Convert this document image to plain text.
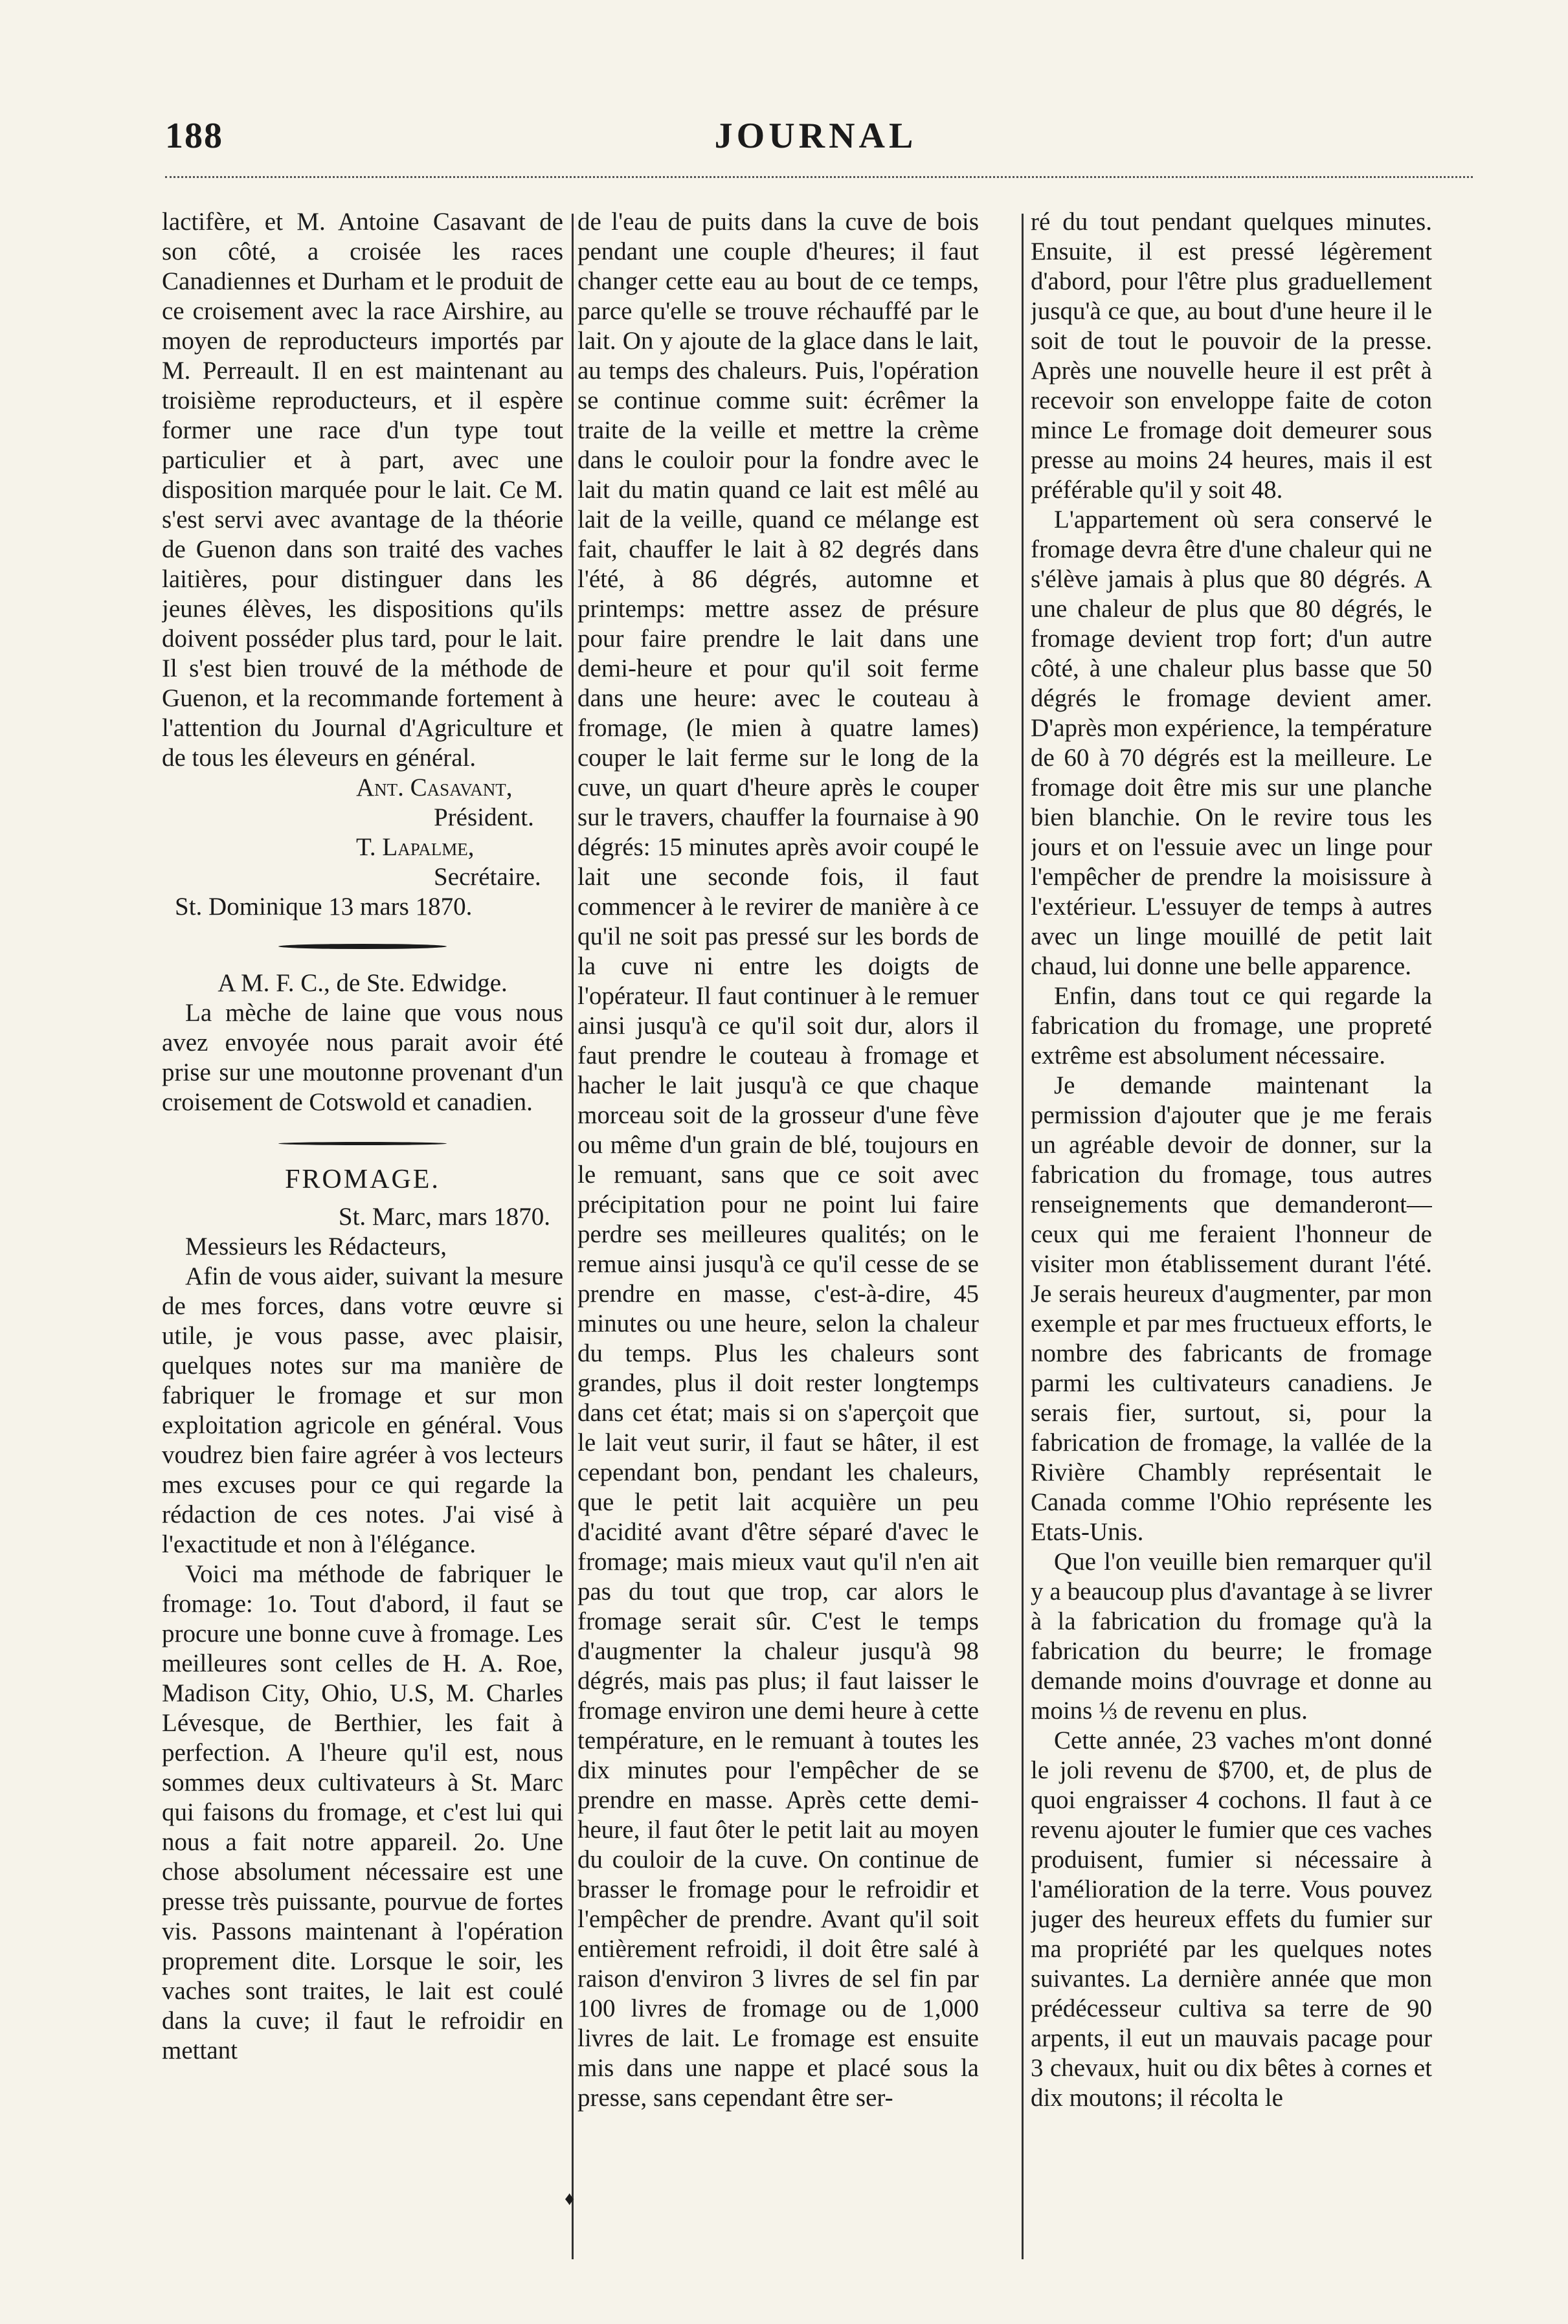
188	JOURNAL

lactifère, et M. Antoine Casavant de son côté, a croisée les races Canadiennes et Durham et le produit de ce croisement avec la race Airshire, au moyen de reproducteurs importés par M. Perreault. Il en est maintenant au troisième reproducteurs, et il espère former une race d'un type tout particulier et à part, avec une disposition marquée pour le lait. Ce M. s'est servi avec avantage de la théorie de Guenon dans son traité des vaches laitières, pour distinguer dans les jeunes élèves, les dispositions qu'ils doivent posséder plus tard, pour le lait. Il s'est bien trouvé de la méthode de Guenon, et la recommande fortement à l'attention du Journal d'Agriculture et de tous les éleveurs en général.

Ant. Casavant,
Président.
T. Lapalme,
Secrétaire.
St. Dominique 13 mars 1870.

A M. F. C., de Ste. Edwidge.

La mèche de laine que vous nous avez envoyée nous parait avoir été prise sur une moutonne provenant d'un croisement de Cotswold et canadien.

FROMAGE.

St. Marc, mars 1870.

Messieurs les Rédacteurs,

Afin de vous aider, suivant la mesure de mes forces, dans votre œuvre si utile, je vous passe, avec plaisir, quelques notes sur ma manière de fabriquer le fromage et sur mon exploitation agricole en général. Vous voudrez bien faire agréer à vos lecteurs mes excuses pour ce qui regarde la rédaction de ces notes. J'ai visé à l'exactitude et non à l'élégance.

Voici ma méthode de fabriquer le fromage: 1o. Tout d'abord, il faut se procure une bonne cuve à fromage. Les meilleures sont celles de H. A. Roe, Madison City, Ohio, U.S, M. Charles Lévesque, de Berthier, les fait à perfection. A l'heure qu'il est, nous sommes deux cultivateurs à St. Marc qui faisons du fromage, et c'est lui qui nous a fait notre appareil. 2o. Une chose absolument nécessaire est une presse très puissante, pourvue de fortes vis. Passons maintenant à l'opération proprement dite. Lorsque le soir, les vaches sont traites, le lait est coulé dans la cuve; il faut le refroidir en mettant

de l'eau de puits dans la cuve de bois pendant une couple d'heures; il faut changer cette eau au bout de ce temps, parce qu'elle se trouve réchauffé par le lait. On y ajoute de la glace dans le lait, au temps des chaleurs. Puis, l'opération se continue comme suit: écrêmer la traite de la veille et mettre la crème dans le couloir pour la fondre avec le lait du matin quand ce lait est mêlé au lait de la veille, quand ce mélange est fait, chauffer le lait à 82 degrés dans l'été, à 86 dégrés, automne et printemps: mettre assez de présure pour faire prendre le lait dans une demi-heure et pour qu'il soit ferme dans une heure: avec le couteau à fromage, (le mien à quatre lames) couper le lait ferme sur le long de la cuve, un quart d'heure après le couper sur le travers, chauffer la fournaise à 90 dégrés: 15 minutes après avoir coupé le lait une seconde fois, il faut commencer à le revirer de manière à ce qu'il ne soit pas pressé sur les bords de la cuve ni entre les doigts de l'opérateur. Il faut continuer à le remuer ainsi jusqu'à ce qu'il soit dur, alors il faut prendre le couteau à fromage et hacher le lait jusqu'à ce que chaque morceau soit de la grosseur d'une fève ou même d'un grain de blé, toujours en le remuant, sans que ce soit avec précipitation pour ne point lui faire perdre ses meilleures qualités; on le remue ainsi jusqu'à ce qu'il cesse de se prendre en masse, c'est-à-dire, 45 minutes ou une heure, selon la chaleur du temps. Plus les chaleurs sont grandes, plus il doit rester longtemps dans cet état; mais si on s'aperçoit que le lait veut surir, il faut se hâter, il est cependant bon, pendant les chaleurs, que le petit lait acquière un peu d'acidité avant d'être séparé d'avec le fromage; mais mieux vaut qu'il n'en ait pas du tout que trop, car alors le fromage serait sûr. C'est le temps d'augmenter la chaleur jusqu'à 98 dégrés, mais pas plus; il faut laisser le fromage environ une demi heure à cette température, en le remuant à toutes les dix minutes pour l'empêcher de se prendre en masse. Après cette demi-heure, il faut ôter le petit lait au moyen du couloir de la cuve. On continue de brasser le fromage pour le refroidir et l'empêcher de prendre. Avant qu'il soit entièrement refroidi, il doit être salé à raison d'environ 3 livres de sel fin par 100 livres de fromage ou de 1,000 livres de lait. Le fromage est ensuite mis dans une nappe et placé sous la presse, sans cependant être ser-

ré du tout pendant quelques minutes. Ensuite, il est pressé légèrement d'abord, pour l'être plus graduellement jusqu'à ce que, au bout d'une heure il le soit de tout le pouvoir de la presse. Après une nouvelle heure il est prêt à recevoir son enveloppe faite de coton mince Le fromage doit demeurer sous presse au moins 24 heures, mais il est préférable qu'il y soit 48.

L'appartement où sera conservé le fromage devra être d'une chaleur qui ne s'élève jamais à plus que 80 dégrés. A une chaleur de plus que 80 dégrés, le fromage devient trop fort; d'un autre côté, à une chaleur plus basse que 50 dégrés le fromage devient amer. D'après mon expérience, la température de 60 à 70 dégrés est la meilleure. Le fromage doit être mis sur une planche bien blanchie. On le revire tous les jours et on l'essuie avec un linge pour l'empêcher de prendre la moisissure à l'extérieur. L'essuyer de temps à autres avec un linge mouillé de petit lait chaud, lui donne une belle apparence.

Enfin, dans tout ce qui regarde la fabrication du fromage, une propreté extrême est absolument nécessaire.

Je demande maintenant la permission d'ajouter que je me ferais un agréable devoir de donner, sur la fabrication du fromage, tous autres renseignements que demanderont—ceux qui me feraient l'honneur de visiter mon établissement durant l'été. Je serais heureux d'augmenter, par mon exemple et par mes fructueux efforts, le nombre des fabricants de fromage parmi les cultivateurs canadiens. Je serais fier, surtout, si, pour la fabrication de fromage, la vallée de la Rivière Chambly représentait le Canada comme l'Ohio représente les Etats-Unis.

Que l'on veuille bien remarquer qu'il y a beaucoup plus d'avantage à se livrer à la fabrication du fromage qu'à la fabrication du beurre; le fromage demande moins d'ouvrage et donne au moins ⅓ de revenu en plus.

Cette année, 23 vaches m'ont donné le joli revenu de $700, et, de plus de quoi engraisser 4 cochons. Il faut à ce revenu ajouter le fumier que ces vaches produisent, fumier si nécessaire à l'amélioration de la terre. Vous pouvez juger des heureux effets du fumier sur ma propriété par les quelques notes suivantes. La dernière année que mon prédécesseur cultiva sa terre de 90 arpents, il eut un mauvais pacage pour 3 chevaux, huit ou dix bêtes à cornes et dix moutons; il récolta le

♦
